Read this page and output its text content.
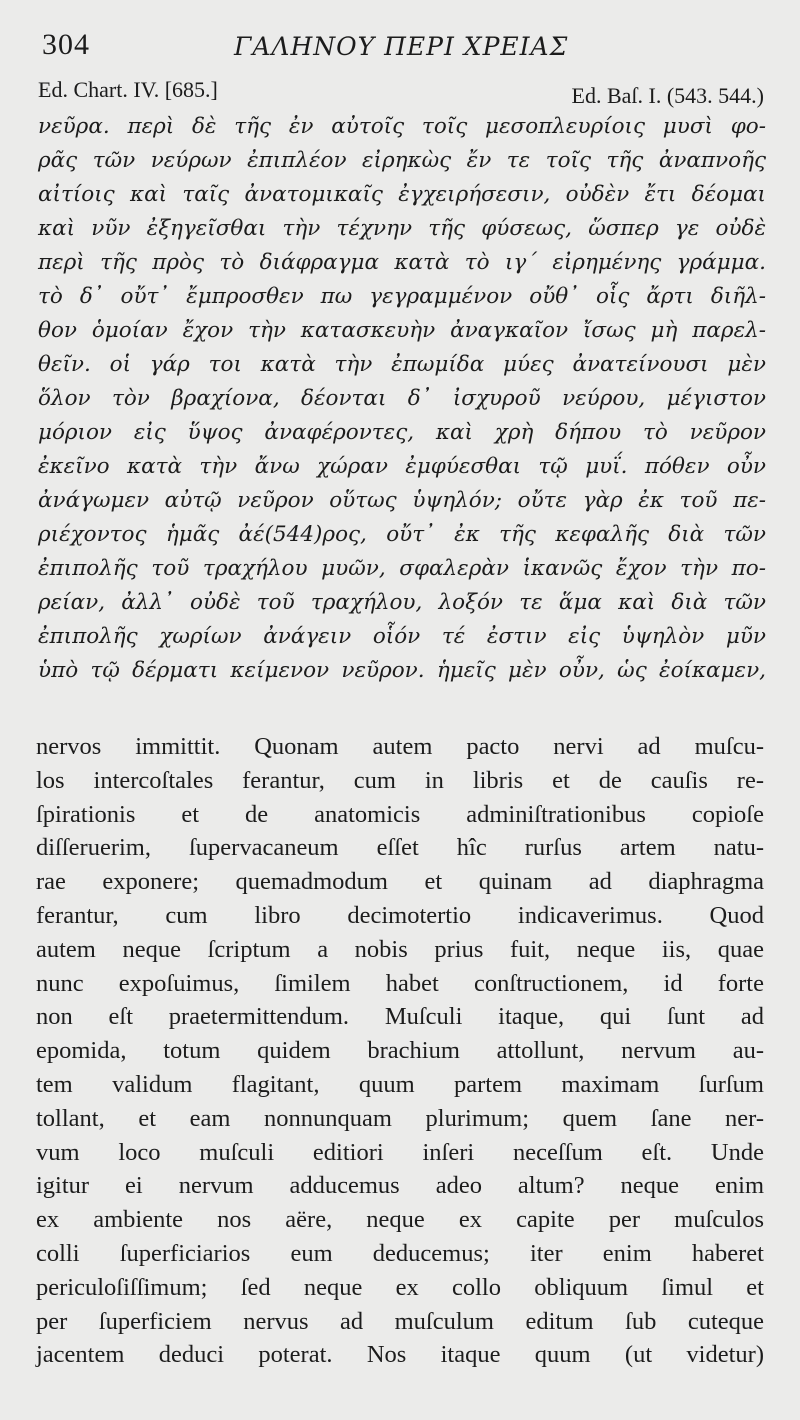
304	ΓΑΛΗΝΟΥ ΠΕΡΙ ΧΡΕΙΑΣ
Ed. Chart. IV. [685.]	Ed. Baſ. I. (543. 544.)
νεῦρα. περὶ δὲ τῆς ἐν αὐτοῖς τοῖς μεσοπλευρίοις μυσὶ φο-
ρᾶς τῶν νεύρων ἐπιπλέον εἰρηκὼς ἔν τε τοῖς τῆς ἀναπνοῆς
αἰτίοις καὶ ταῖς ἀνατομικαῖς ἐγχειρήσεσιν, οὐδὲν ἔτι δέομαι
καὶ νῦν ἐξηγεῖσθαι τὴν τέχνην τῆς φύσεως, ὥσπερ γε οὐδὲ
περὶ τῆς πρὸς τὸ διάφραγμα κατὰ τὸ ιγ΄ εἰρημένης γράμμα.
τὸ δ᾽ οὔτ᾽ ἔμπροσθεν πω γεγραμμένον οὔθ᾽ οἷς ἄρτι διῆλ-
θον ὁμοίαν ἔχον τὴν κατασκευὴν ἀναγκαῖον ἴσως μὴ παρελ-
θεῖν. οἱ γάρ τοι κατὰ τὴν ἐπωμίδα μύες ἀνατείνουσι μὲν
ὅλον τὸν βραχίονα, δέονται δ᾽ ἰσχυροῦ νεύρου, μέγιστον
μόριον εἰς ὕψος ἀναφέροντες, καὶ χρὴ δήπου τὸ νεῦρον
ἐκεῖνο κατὰ τὴν ἄνω χώραν ἐμφύεσθαι τῷ μυΐ. πόθεν οὖν
ἀνάγωμεν αὐτῷ νεῦρον οὕτως ὑψηλόν; οὔτε γὰρ ἐκ τοῦ πε-
ριέχοντος ἡμᾶς ἀέ(544)ρος, οὔτ᾽ ἐκ τῆς κεφαλῆς διὰ τῶν
ἐπιπολῆς τοῦ τραχήλου μυῶν, σφαλερὰν ἱκανῶς ἔχον τὴν πο-
ρείαν, ἀλλ᾽ οὐδὲ τοῦ τραχήλου, λοξόν τε ἅμα καὶ διὰ τῶν
ἐπιπολῆς χωρίων ἀνάγειν οἷόν τέ ἐστιν εἰς ὑψηλὸν μῦν
ὑπὸ τῷ δέρματι κείμενον νεῦρον. ἡμεῖς μὲν οὖν, ὡς ἐοίκαμεν,
nervos immittit. Quonam autem pacto nervi ad muſcu-
los intercoſtales ferantur, cum in libris et de cauſis re-
ſpirationis et de anatomicis adminiſtrationibus copioſe
diſſeruerim, ſupervacaneum eſſet hîc rurſus artem natu-
rae exponere; quemadmodum et quinam ad diaphragma
ferantur, cum libro decimotertio indicaverimus. Quod
autem neque ſcriptum a nobis prius fuit, neque iis, quae
nunc expoſuimus, ſimilem habet conſtructionem, id forte
non eſt praetermittendum. Muſculi itaque, qui ſunt ad
epomida, totum quidem brachium attollunt, nervum au-
tem validum flagitant, quum partem maximam ſurſum
tollant, et eam nonnunquam plurimum; quem ſane ner-
vum loco muſculi editiori inſeri neceſſum eſt. Unde
igitur ei nervum adducemus adeo altum? neque enim
ex ambiente nos aëre, neque ex capite per muſculos
colli ſuperficiarios eum deducemus; iter enim haberet
periculoſiſſimum; ſed neque ex collo obliquum ſimul et
per ſuperficiem nervus ad muſculum editum ſub cuteque
jacentem deduci poterat. Nos itaque quum (ut videtur)
